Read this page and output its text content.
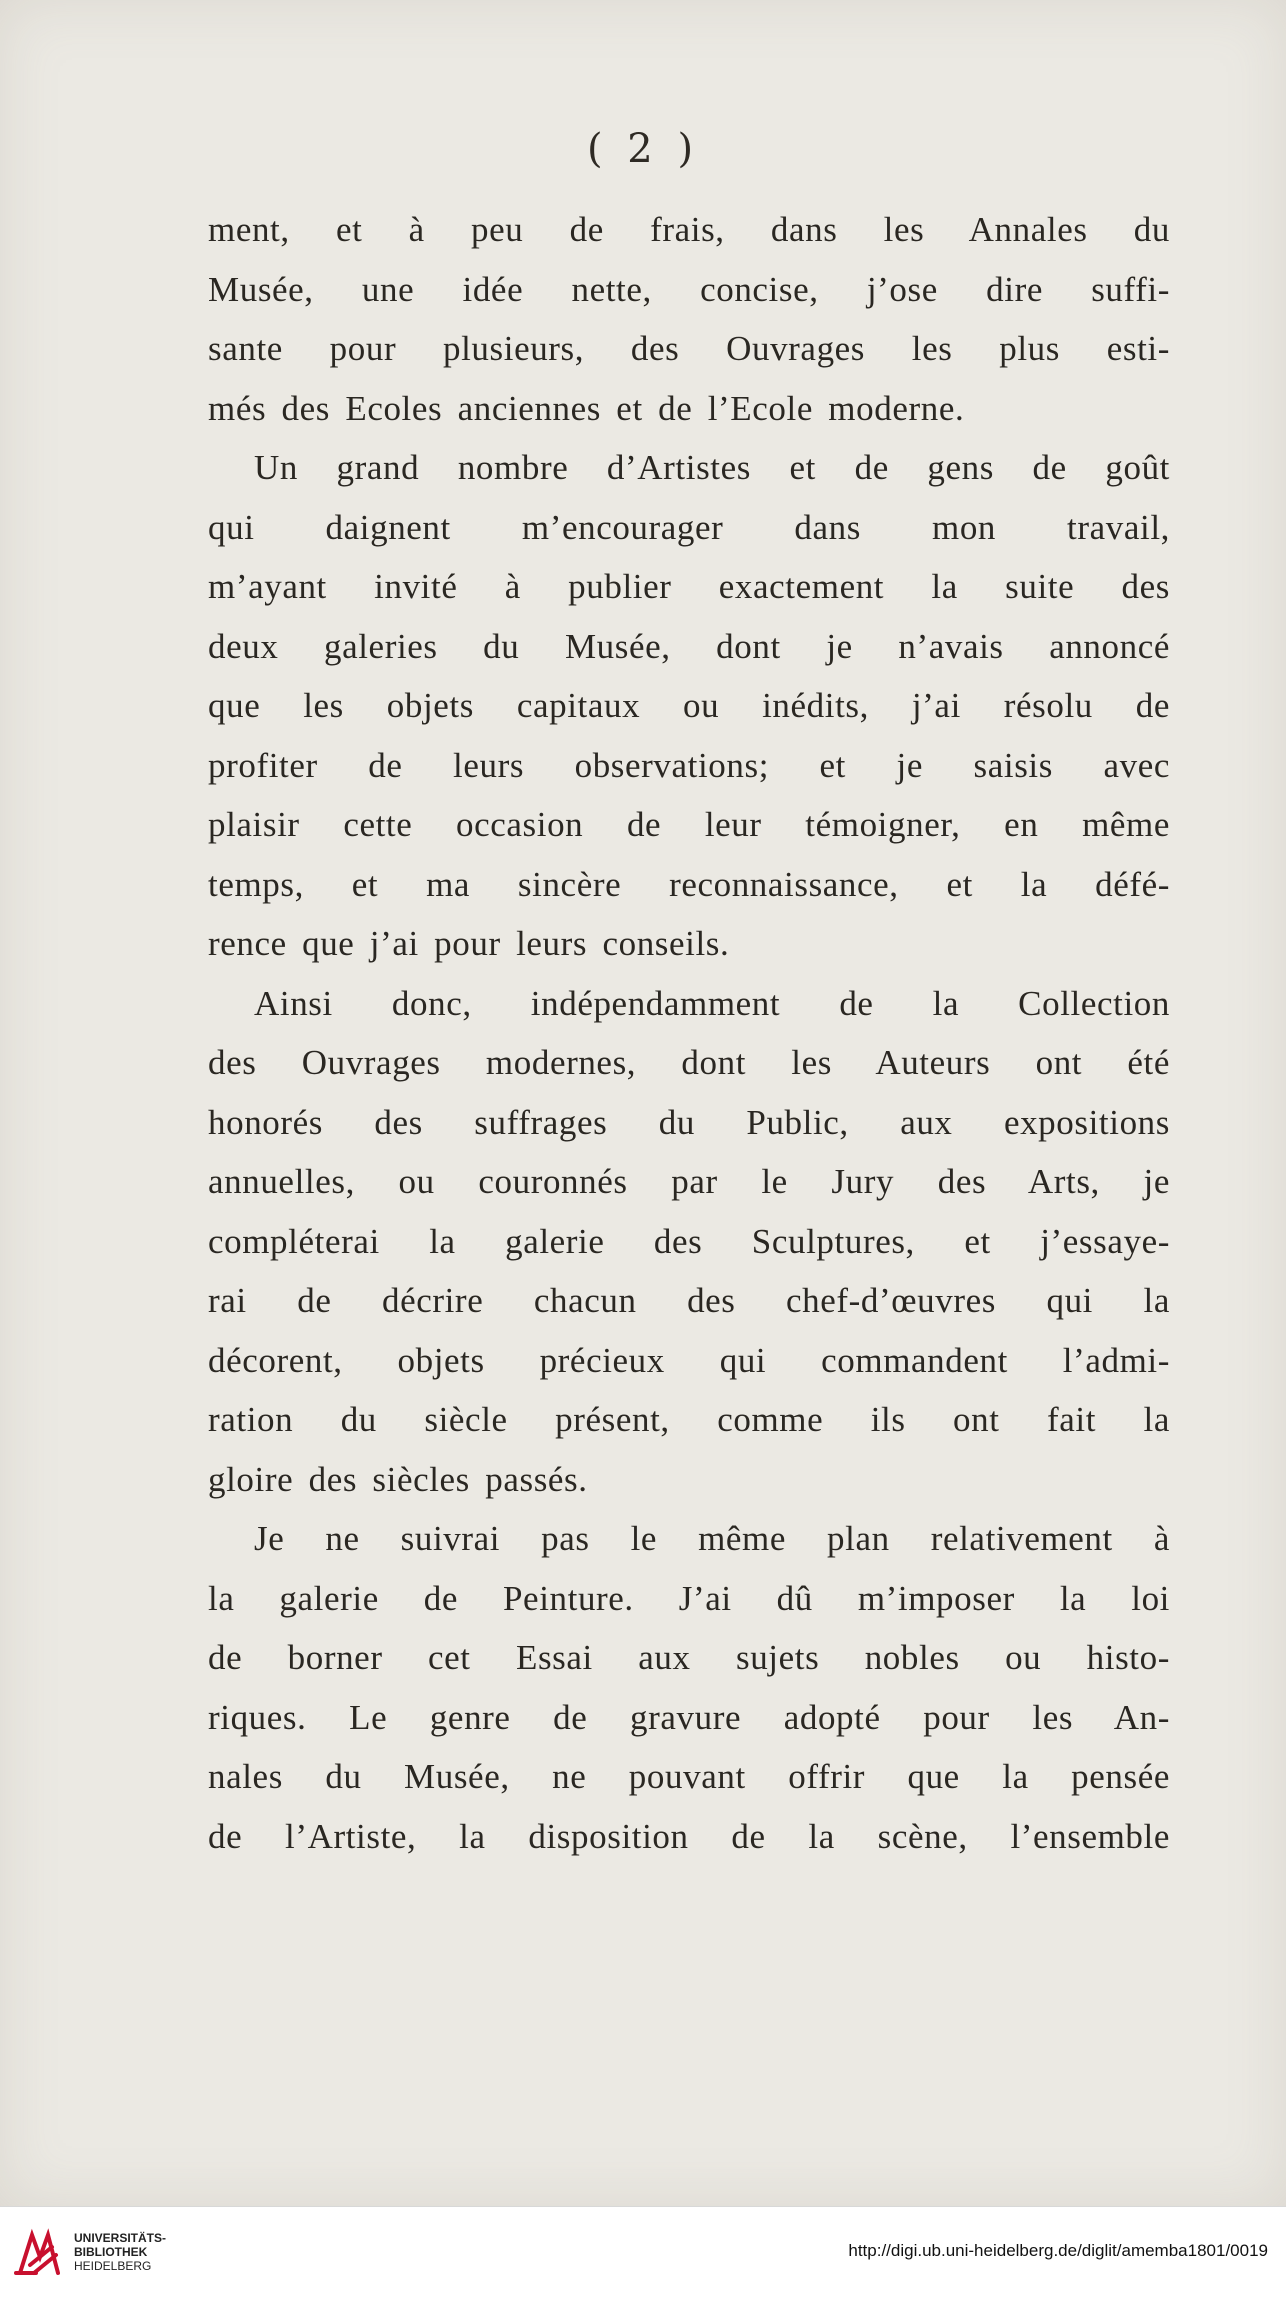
( 2 )
ment, et à peu de frais, dans les Annales du
Musée, une idée nette, concise, j’ose dire suffi-
sante pour plusieurs, des Ouvrages les plus esti-
més des Ecoles anciennes et de l’Ecole moderne.
Un grand nombre d’Artistes et de gens de goût
qui daignent m’encourager dans mon travail,
m’ayant invité à publier exactement la suite des
deux galeries du Musée, dont je n’avais annoncé
que les objets capitaux ou inédits, j’ai résolu de
profiter de leurs observations; et je saisis avec
plaisir cette occasion de leur témoigner, en même
temps, et ma sincère reconnaissance, et la défé-
rence que j’ai pour leurs conseils.
Ainsi donc, indépendamment de la Collection
des Ouvrages modernes, dont les Auteurs ont été
honorés des suffrages du Public, aux expositions
annuelles, ou couronnés par le Jury des Arts, je
compléterai la galerie des Sculptures, et j’essaye-
rai de décrire chacun des chef-d’œuvres qui la
décorent, objets précieux qui commandent l’admi-
ration du siècle présent, comme ils ont fait la
gloire des siècles passés.
Je ne suivrai pas le même plan relativement à
la galerie de Peinture. J’ai dû m’imposer la loi
de borner cet Essai aux sujets nobles ou histo-
riques. Le genre de gravure adopté pour les An-
nales du Musée, ne pouvant offrir que la pensée
de l’Artiste, la disposition de la scène, l’ensemble
UNIVERSITÄTS-
BIBLIOTHEK
HEIDELBERG
http://digi.ub.uni-heidelberg.de/diglit/amemba1801/0019
